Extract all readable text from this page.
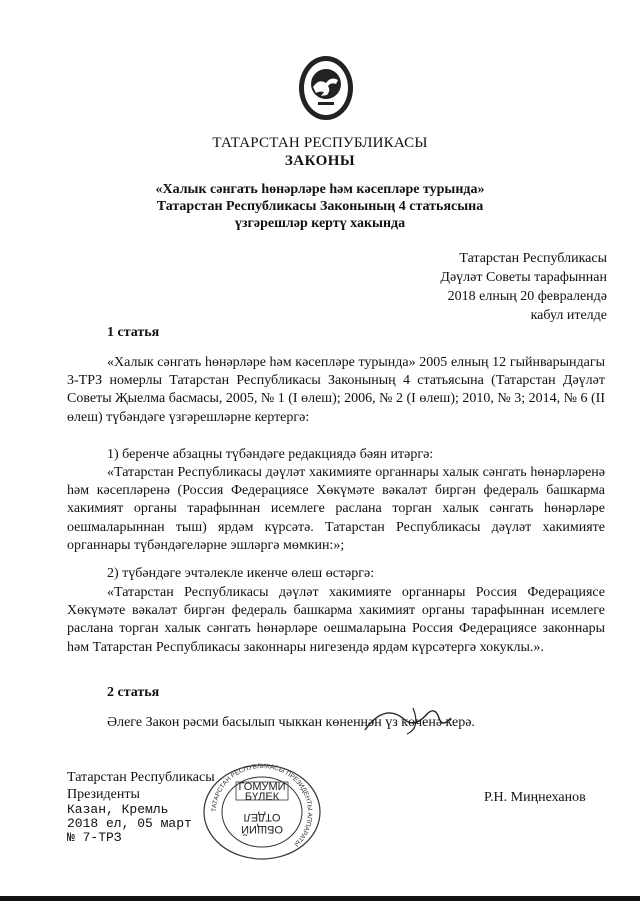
ТАТАРСТАН РЕСПУБЛИКАСЫ
ЗАКОНЫ
«Халык сәнгать һөнәрләре һәм кәсепләре турында»
Татарстан Республикасы Законының 4 статьясына
үзгәрешләр кертү хакында
Татарстан Республикасы
Дәүләт Советы тарафыннан
2018 елның 20 февралендә
кабул ителде
1 статья

«Халык сәнгать һөнәрләре һәм кәсепләре турында» 2005 елның 12 гыйнварындагы 3-ТРЗ номерлы Татарстан Республикасы Законының 4 статьясына (Татарстан Дәүләт Советы Җыелма басмасы, 2005, № 1 (I өлеш); 2006, № 2 (I өлеш); 2010, № 3; 2014, № 6 (II өлеш) түбәндәге үзгәрешләрне кертергә:

1) беренче абзацны түбәндәге редакциядә бәян итәргә:

«Татарстан Республикасы дәүләт хакимияте органнары халык сәнгать һөнәрләренә һәм кәсепләренә (Россия Федерациясе Хөкүмәте вәкаләт биргән федераль башкарма хакимият органы тарафыннан исемлеге раслана торган халык сәнгать һөнәрләре оешмаларыннан тыш) ярдәм күрсәтә. Татарстан Республикасы дәүләт хакимияте органнары түбәндәгеләрне эшләргә мөмкин:»;

2) түбәндәге эчтәлекле икенче өлеш өстәргә:

«Татарстан Республикасы дәүләт хакимияте органнары Россия Федерациясе Хөкүмәте вәкаләт биргән федераль башкарма хакимият органы тарафыннан исемлеге раслана торган халык сәнгать һөнәрләре оешмаларына Россия Федерациясе законнары һәм Татарстан Республикасы законнары нигезендә ярдәм күрсәтергә хокуклы.».

2 статья

Әлеге Закон рәсми басылып чыккан көненнән үз көченә керә.

Татарстан Республикасы
Президенты
Казан, Кремль
2018 ел, 05 март
№ 7-ТРЗ
Р.Н. Миңнеханов
ТАТАРСТАН РЕСПУБЛИКАСЫ ПРЕЗИДЕНТЫ АППАРАТЫ
ГОМУМИ
БҮЛЕК
ОБЩИЙ
ОТДЕЛ
